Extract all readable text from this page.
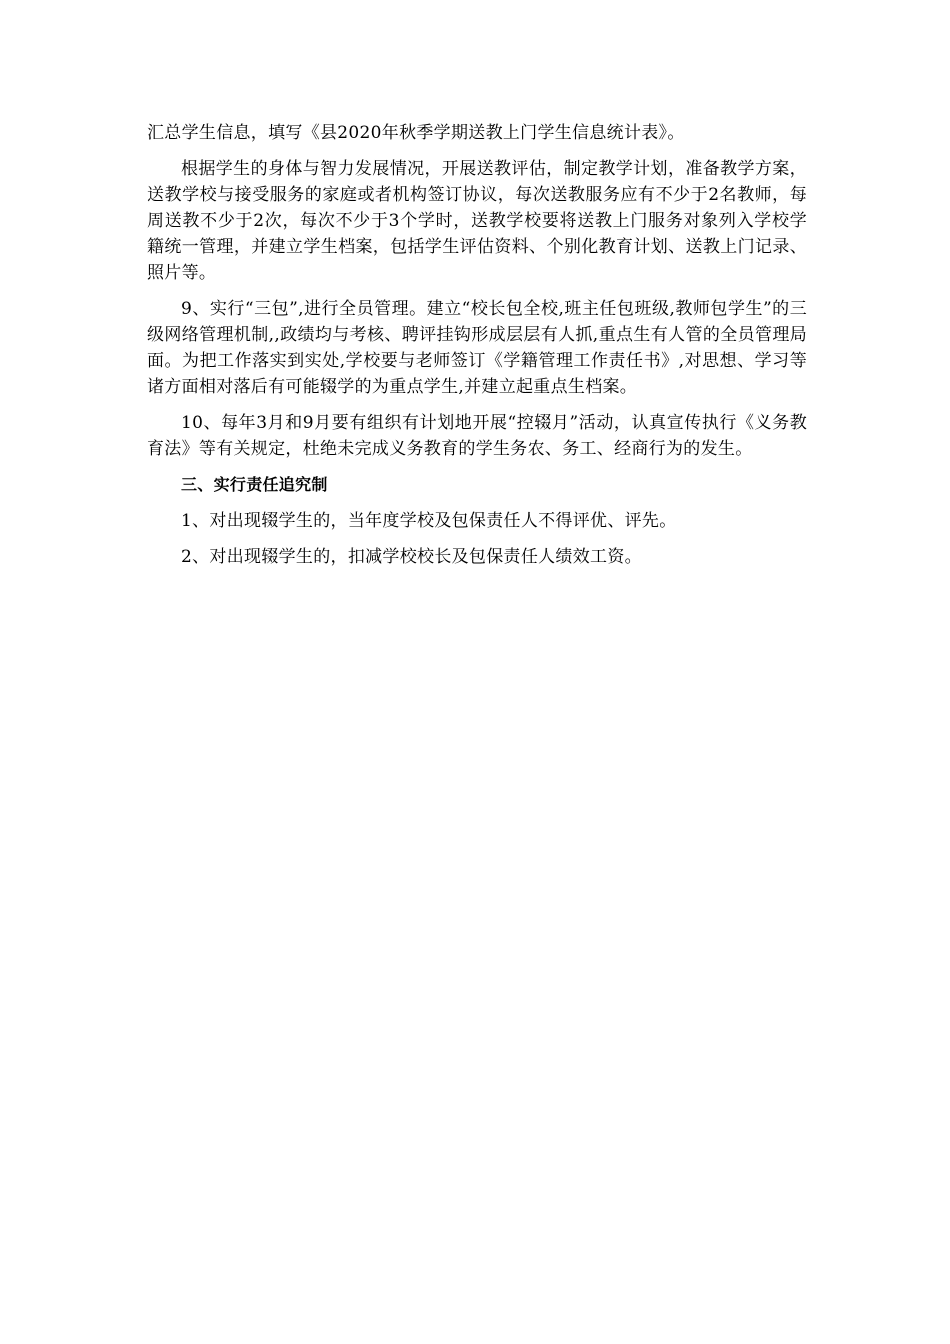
汇总学生信息，填写《县2020年秋季学期送教上门学生信息统计表》。

根据学生的身体与智力发展情况，开展送教评估，制定教学计划，准备教学方案，送教学校与接受服务的家庭或者机构签订协议，每次送教服务应有不少于2名教师，每周送教不少于2次，每次不少于3个学时，送教学校要将送教上门服务对象列入学校学籍统一管理，并建立学生档案，包括学生评估资料、个别化教育计划、送教上门记录、照片等。

9、实行“三包”,进行全员管理。建立“校长包全校,班主任包班级,教师包学生”的三级网络管理机制,,政绩均与考核、聘评挂钩形成层层有人抓,重点生有人管的全员管理局面。为把工作落实到实处,学校要与老师签订《学籍管理工作责任书》,对思想、学习等诸方面相对落后有可能辍学的为重点学生,并建立起重点生档案。

10、每年3月和9月要有组织有计划地开展“控辍月”活动，认真宣传执行《义务教育法》等有关规定，杜绝未完成义务教育的学生务农、务工、经商行为的发生。

三、实行责任追究制

1、对出现辍学生的，当年度学校及包保责任人不得评优、评先。

2、对出现辍学生的，扣减学校校长及包保责任人绩效工资。
